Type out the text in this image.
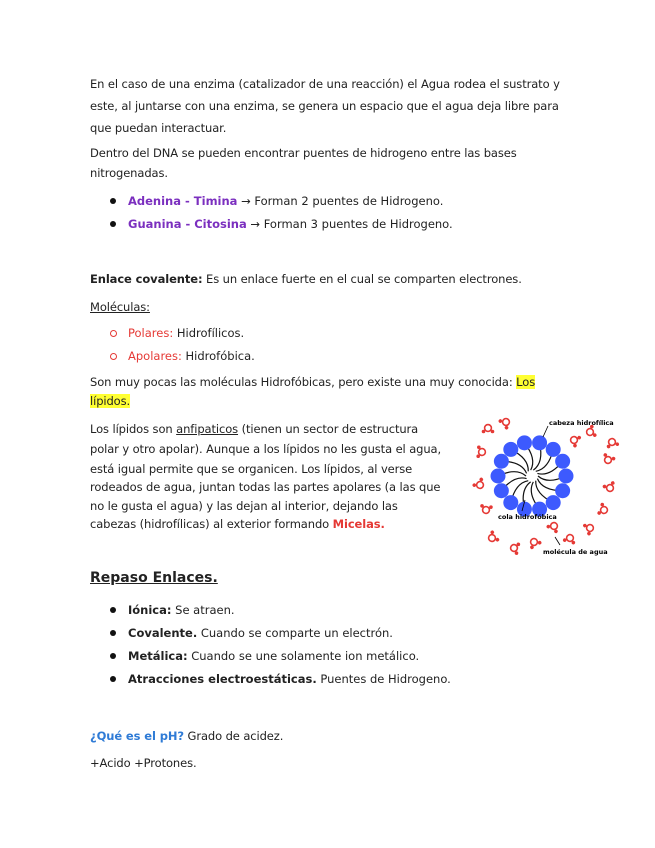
En el caso de una enzima (catalizador de una reacción) el Agua rodea el sustrato y
este, al juntarse con una enzima, se genera un espacio que el agua deja libre para
que puedan interactuar.
Dentro del DNA se pueden encontrar puentes de hidrogeno entre las bases
nitrogenadas.
Adenina - Timina → Forman 2 puentes de Hidrogeno.
Guanina - Citosina → Forman 3 puentes de Hidrogeno.
Enlace covalente: Es un enlace fuerte en el cual se comparten electrones.
Moléculas:
Polares: Hidrofílicos.
Apolares: Hidrofóbica.
Son muy pocas las moléculas Hidrofóbicas, pero existe una muy conocida: Los
lípidos.
Los lípidos son anfipaticos (tienen un sector de estructura
polar y otro apolar). Aunque a los lípidos no les gusta el agua,
está igual permite que se organicen. Los lípidos, al verse
rodeados de agua, juntan todas las partes apolares (a las que
no le gusta el agua) y las dejan al interior, dejando las
cabezas (hidrofílicas) al exterior formando Micelas.
cabeza hidrofílica
cola hidrofóbica
molécula de agua
Repaso Enlaces.
Iónica: Se atraen.
Covalente. Cuando se comparte un electrón.
Metálica: Cuando se une solamente ion metálico.
Atracciones electroestáticas. Puentes de Hidrogeno.
¿Qué es el pH? Grado de acidez.
+Acido +Protones.
